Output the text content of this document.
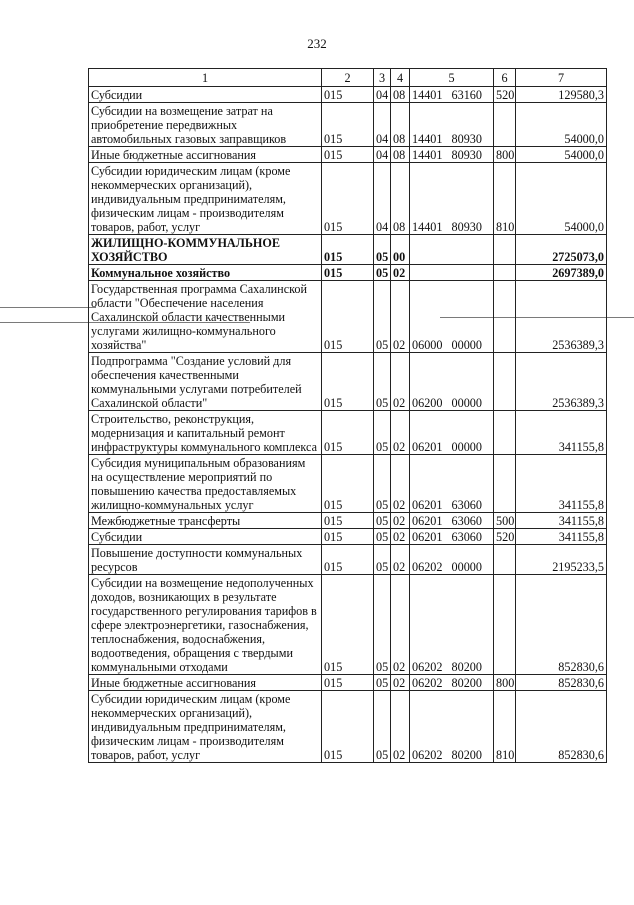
232
1	2	3	4	5	6	7
Субсидии	015	04	08	14401 63160	520	129580,3
Субсидии на возмещение затрат на приобретение передвижных автомобильных газовых заправщиков	015	04	08	14401 80930		54000,0
Иные бюджетные ассигнования	015	04	08	14401 80930	800	54000,0
Субсидии юридическим лицам (кроме некоммерческих организаций), индивидуальным предпринимателям, физическим лицам - производителям товаров, работ, услуг	015	04	08	14401 80930	810	54000,0
ЖИЛИЩНО-КОММУНАЛЬНОЕ ХОЗЯЙСТВО	015	05	00			2725073,0
Коммунальное хозяйство	015	05	02			2697389,0
Государственная программа Сахалинской области "Обеспечение населения Сахалинской области качественными услугами жилищно-коммунального хозяйства"	015	05	02	06000 00000		2536389,3
Подпрограмма "Создание условий для обеспечения качественными коммунальными услугами потребителей Сахалинской области"	015	05	02	06200 00000		2536389,3
Строительство, реконструкция, модернизация и капитальный ремонт инфраструктуры коммунального комплекса	015	05	02	06201 00000		341155,8
Субсидия муниципальным образованиям на осуществление мероприятий по повышению качества предоставляемых жилищно-коммунальных услуг	015	05	02	06201 63060		341155,8
Межбюджетные трансферты	015	05	02	06201 63060	500	341155,8
Субсидии	015	05	02	06201 63060	520	341155,8
Повышение доступности коммунальных ресурсов	015	05	02	06202 00000		2195233,5
Субсидии на возмещение недополученных доходов, возникающих в результате государственного регулирования тарифов в сфере электроэнергетики, газоснабжения, теплоснабжения, водоснабжения, водоотведения, обращения с твердыми коммунальными отходами	015	05	02	06202 80200		852830,6
Иные бюджетные ассигнования	015	05	02	06202 80200	800	852830,6
Субсидии юридическим лицам (кроме некоммерческих организаций), индивидуальным предпринимателям, физическим лицам - производителям товаров, работ, услуг	015	05	02	06202 80200	810	852830,6
